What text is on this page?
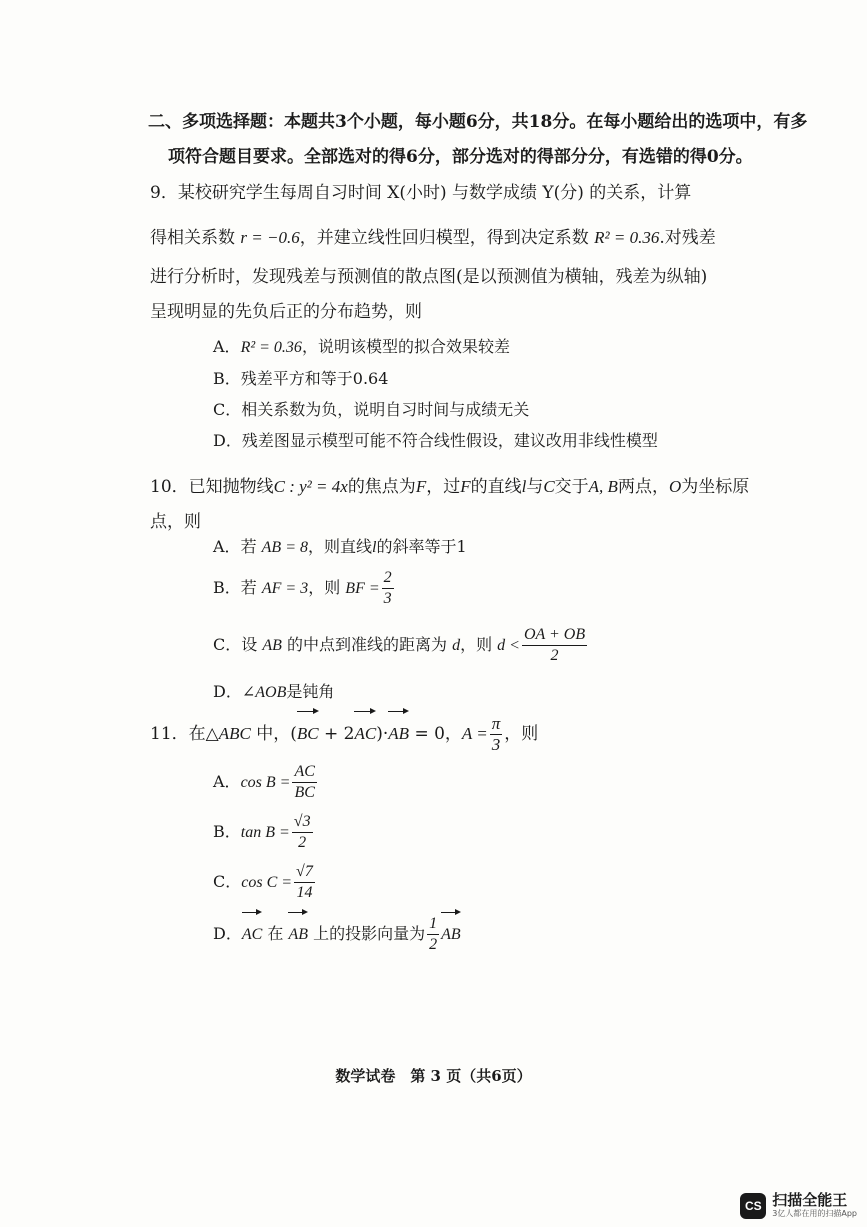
二、多项选择题：本题共3个小题，每小题6分，共18分。在每小题给出的选项中，有多
项符合题目要求。全部选对的得6分，部分选对的得部分分，有选错的得0分。
9．某校研究学生每周自习时间 X(小时) 与数学成绩 Y(分) 的关系，计算
得相关系数 r = −0.6，并建立线性回归模型，得到决定系数 R² = 0.36.对残差
进行分析时，发现残差与预测值的散点图(是以预测值为横轴，残差为纵轴)
呈现明显的先负后正的分布趋势，则
A．R² = 0.36，说明该模型的拟合效果较差
B．残差平方和等于0.64
C．相关系数为负，说明自习时间与成绩无关
D．残差图显示模型可能不符合线性假设，建议改用非线性模型
10．已知抛物线C : y² = 4x的焦点为F，过F的直线l与C交于A, B两点，O为坐标原
点，则
A．若 AB = 8，则直线l的斜率等于1
B．若 AF = 3，则 BF = $\frac{2}{3}$
C．设 AB 的中点到准线的距离为 d，则 $d < \frac{OA + OB}{2}$
D．∠AOB是钝角
11．在△ABC 中，(BC + 2AC)·AB = 0，$A = \frac{\pi}{3}$ ，则
A．$\cos B = \frac{AC}{BC}$
B．$\tan B = \frac{√3}{2}$
C．$\cos C = \frac{√7}{14}$
D．AC 在 AB 上的投影向量为 $\frac{1}{2}$ AB
数学试卷　第 3 页（共6页）
CS 扫描全能王
3亿人都在用的扫描App
